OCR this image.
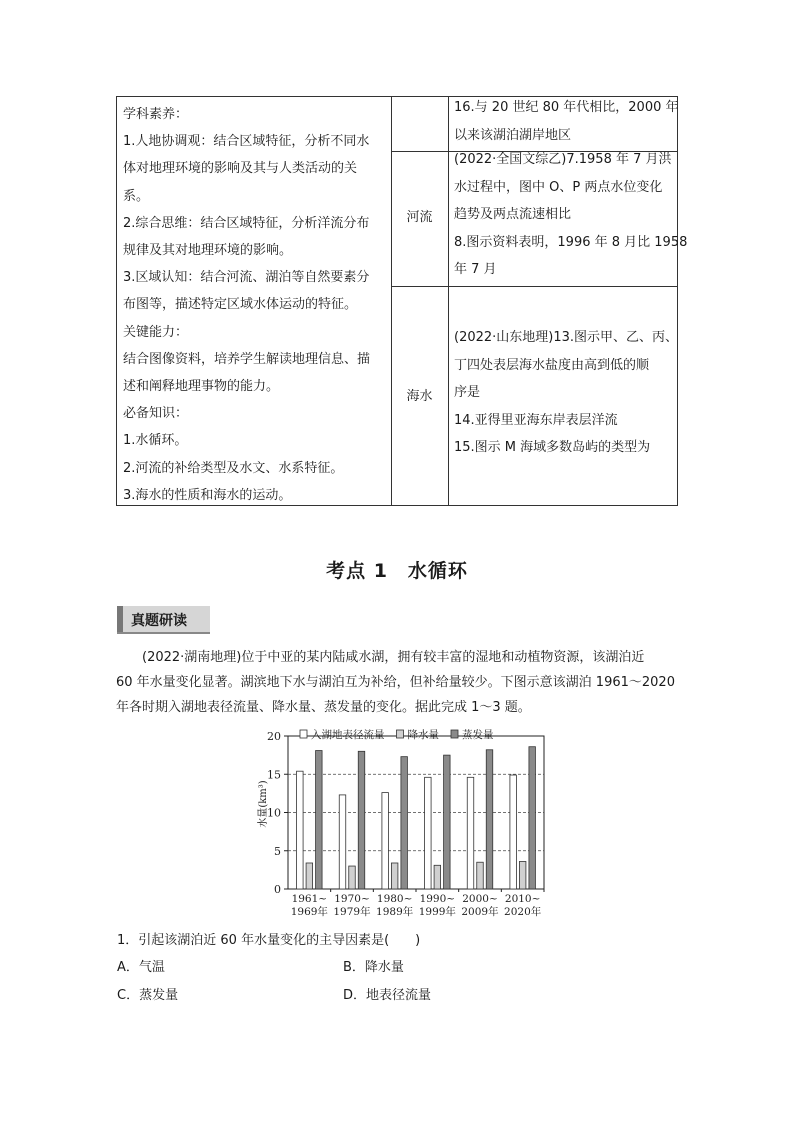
学科素养：
1.人地协调观：结合区域特征，分析不同水
体对地理环境的影响及其与人类活动的关
系。
2.综合思维：结合区域特征，分析洋流分布
规律及其对地理环境的影响。
3.区域认知：结合河流、湖泊等自然要素分
布图等，描述特定区域水体运动的特征。
关键能力：
结合图像资料，培养学生解读地理信息、描
述和阐释地理事物的能力。
必备知识：
1.水循环。
2.河流的补给类型及水文、水系特征。
3.海水的性质和海水的运动。
河流
海水
16.与 20 世纪 80 年代相比，2000 年
以来该湖泊湖岸地区
(2022·全国文综乙)7.1958 年 7 月洪
水过程中，图中 O、P 两点水位变化
趋势及两点流速相比
8.图示资料表明，1996 年 8 月比 1958
年 7 月
(2022·山东地理)13.图示甲、乙、丙、
丁四处表层海水盐度由高到低的顺
序是
14.亚得里亚海东岸表层洋流
15.图示 M 海域多数岛屿的类型为
考点 1　水循环
真题研读
(2022·湖南地理)位于中亚的某内陆咸水湖，拥有较丰富的湿地和动植物资源，该湖泊近
60 年水量变化显著。湖滨地下水与湖泊互为补给，但补给量较少。下图示意该湖泊 1961～2020
年各时期入湖地表径流量、降水量、蒸发量的变化。据此完成 1～3 题。
0
5
10
15
20
水量(km³)
1961~
1969年
1970~
1979年
1980~
1989年
1990~
1999年
2000~
2009年
2010~
2020年
入湖地表径流量 降水量 蒸发量
1．引起该湖泊近 60 年水量变化的主导因素是(　　)
A．气温	B．降水量
C．蒸发量	D．地表径流量
